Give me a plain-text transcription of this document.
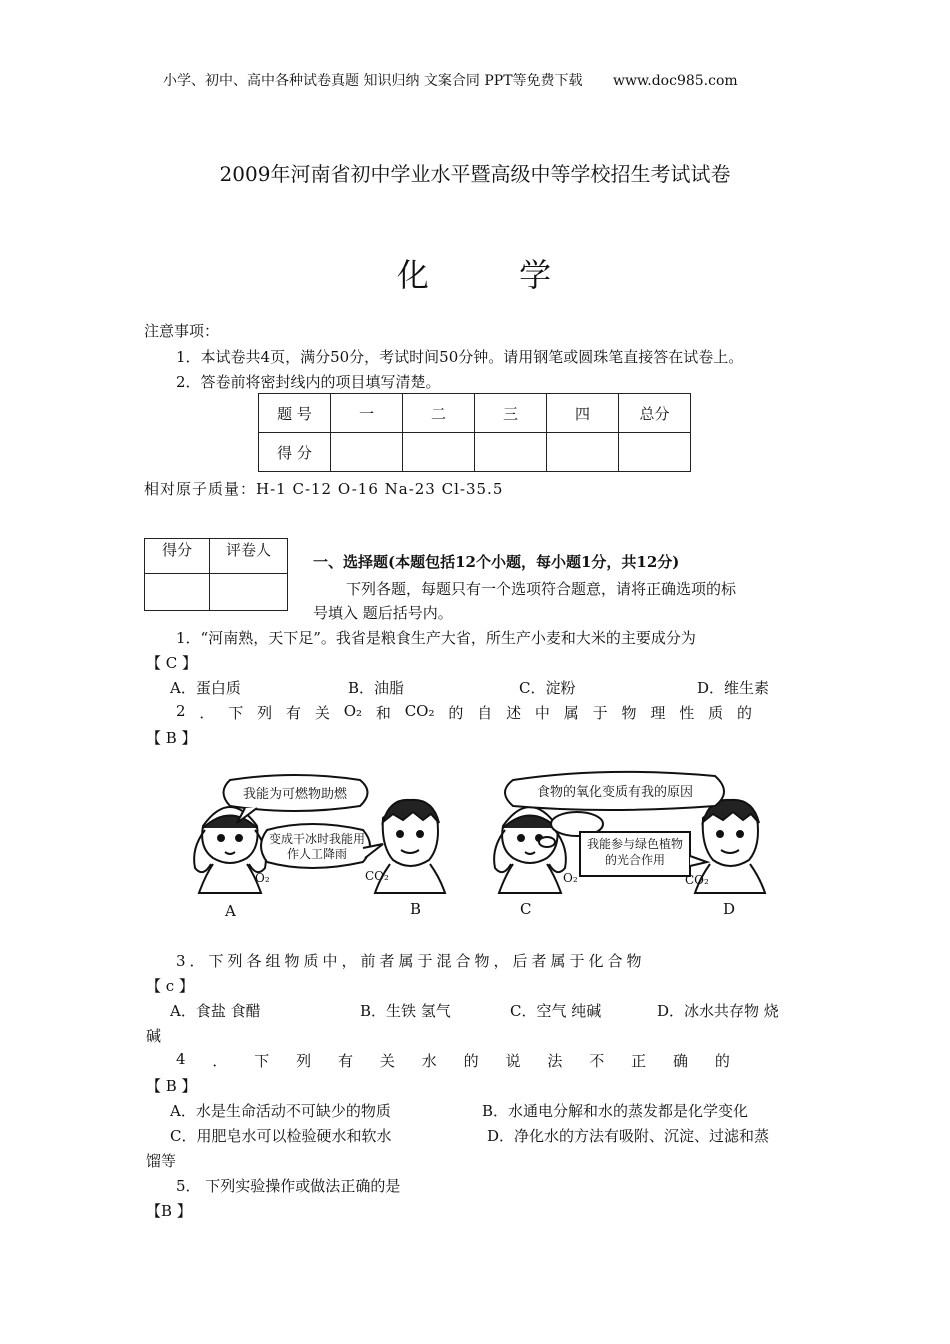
小学、初中、高中各种试卷真题 知识归纳 文案合同 PPT等免费下载 www.doc985.com
2009年河南省初中学业水平暨高级中等学校招生考试试卷
化	学
注意事项：
1．本试卷共4页，满分50分，考试时间50分钟。请用钢笔或圆珠笔直接答在试卷上。
2．答卷前将密封线内的项目填写清楚。
题 号	一	二	三	四	总分
得 分					
相对原子质量：H-1 C-12 O-16 Na-23 Cl-35.5
得分	评卷人

一、选择题(本题包括12个小题，每小题1分，共12分)
下列各题，每题只有一个选项符合题意，请将正确选项的标
号填入 题后括号内。
1．“河南熟，天下足”。我省是粮食生产大省，所生产小麦和大米的主要成分为
【 C 】
A．蛋白质	B．油脂	C．淀粉	D．维生素
2 ． 下 列 有 关 O₂ 和 CO₂ 的 自 述 中 属 于 物 理 性 质 的
【 B 】
我能为可燃物助燃
变成干冰时我能用作人工降雨
食物的氧化变质有我的原因
我能参与绿色植物的光合作用
O₂	CO₂	O₂	CO₂
A	B	C	D
3．下列各组物质中，前者属于混合物，后者属于化合物
【 c 】
A．食盐 食醋	B．生铁 氢气	C．空气 纯碱	D．冰水共存物 烧
碱
4 ． 下 列 有 关 水 的 说 法 不 正 确 的
【 B 】
A．水是生命活动不可缺少的物质	B．水通电分解和水的蒸发都是化学变化
C．用肥皂水可以检验硬水和软水	D．净化水的方法有吸附、沉淀、过滤和蒸
馏等
5． 下列实验操作或做法正确的是
【B 】
